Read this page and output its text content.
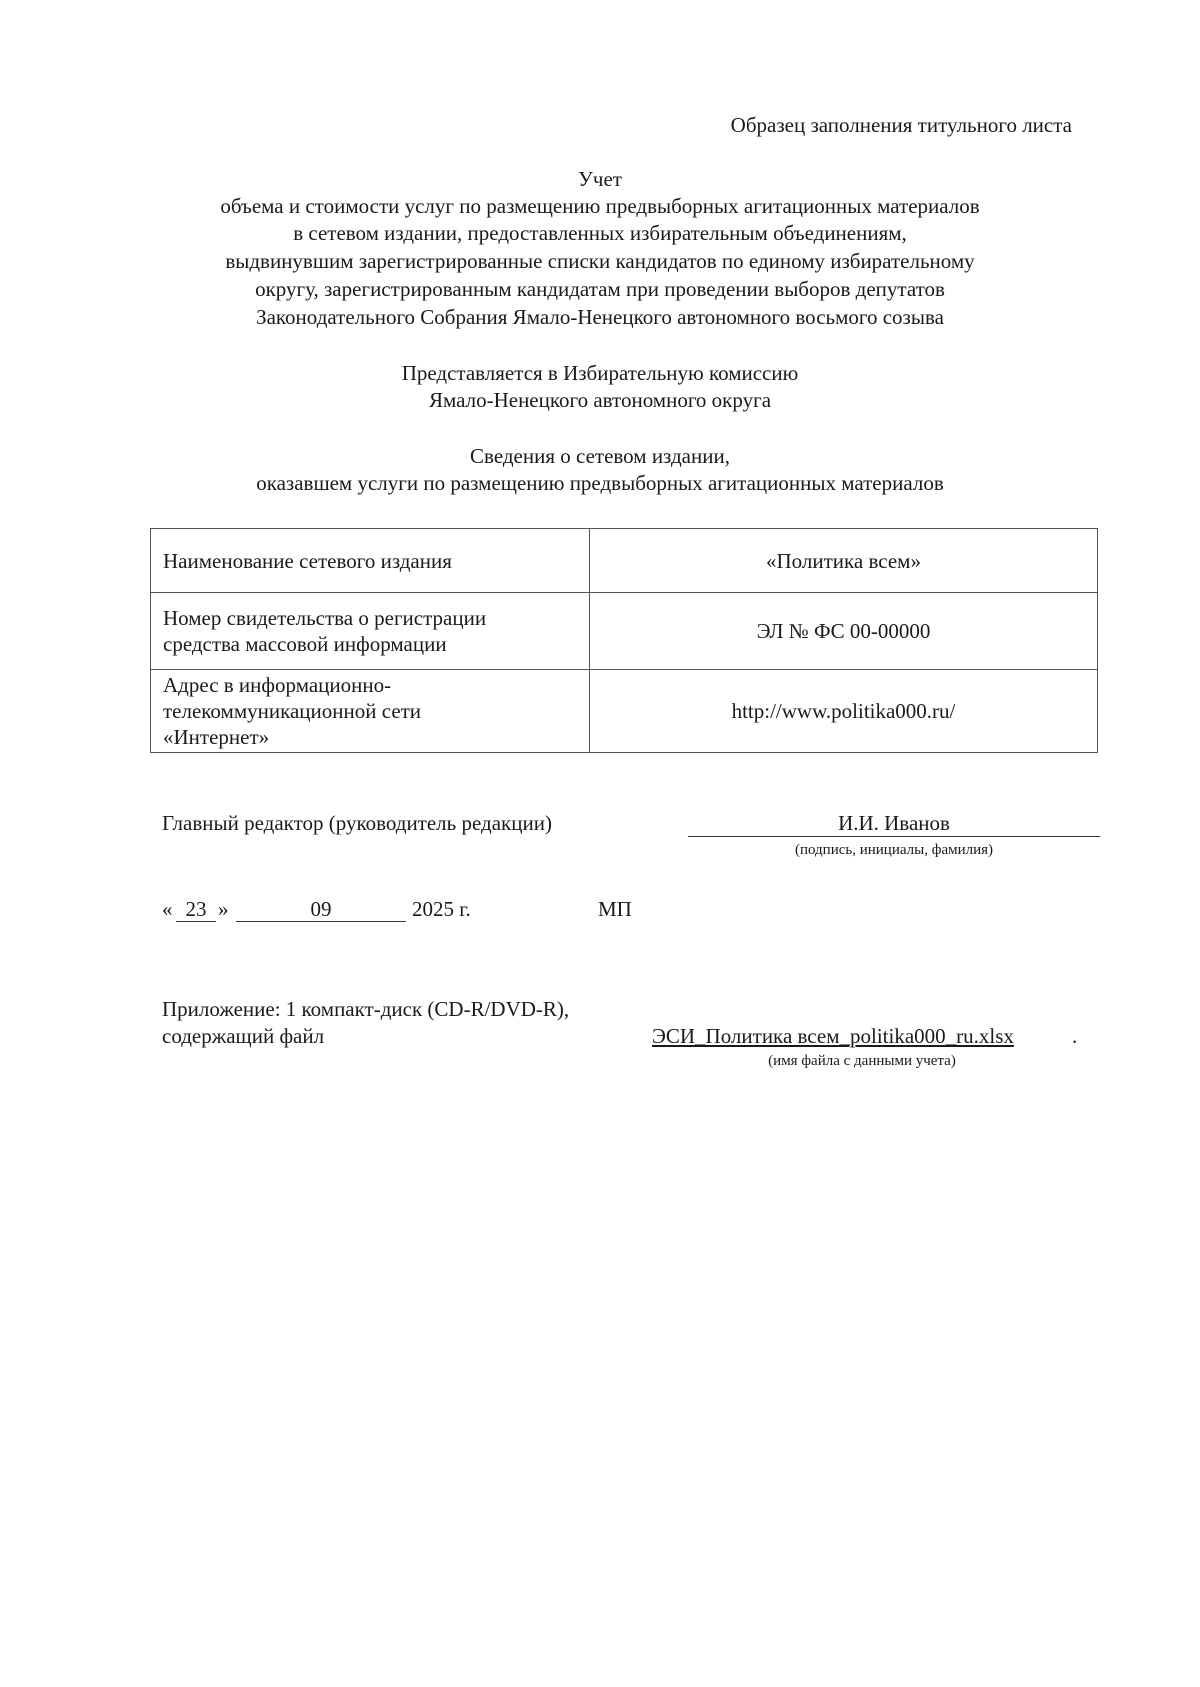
Образец заполнения титульного листа
Учет
объема и стоимости услуг по размещению предвыборных агитационных материалов
в сетевом издании, предоставленных избирательным объединениям,
выдвинувшим зарегистрированные списки кандидатов по единому избирательному
округу, зарегистрированным кандидатам при проведении выборов депутатов
Законодательного Собрания Ямало-Ненецкого автономного восьмого созыва
Представляется в Избирательную комиссию
Ямало-Ненецкого автономного округа
Сведения о сетевом издании,
оказавшем услуги по размещению предвыборных агитационных материалов
Наименование сетевого издания	«Политика всем»

Номер свидетельства о регистрации
средства массовой информации	ЭЛ № ФС 00-00000

Адрес в информационно-
телекоммуникационной сети
«Интернет»	http://www.politika000.ru/
Главный редактор (руководитель редакции)	И.И. Иванов
(подпись, инициалы, фамилия)
« 23 »	09	2025 г.	МП
Приложение: 1 компакт-диск (CD-R/DVD-R),
содержащий файл	ЭСИ_Политика всем_politika000_ru.xlsx	.
(имя файла с данными учета)
